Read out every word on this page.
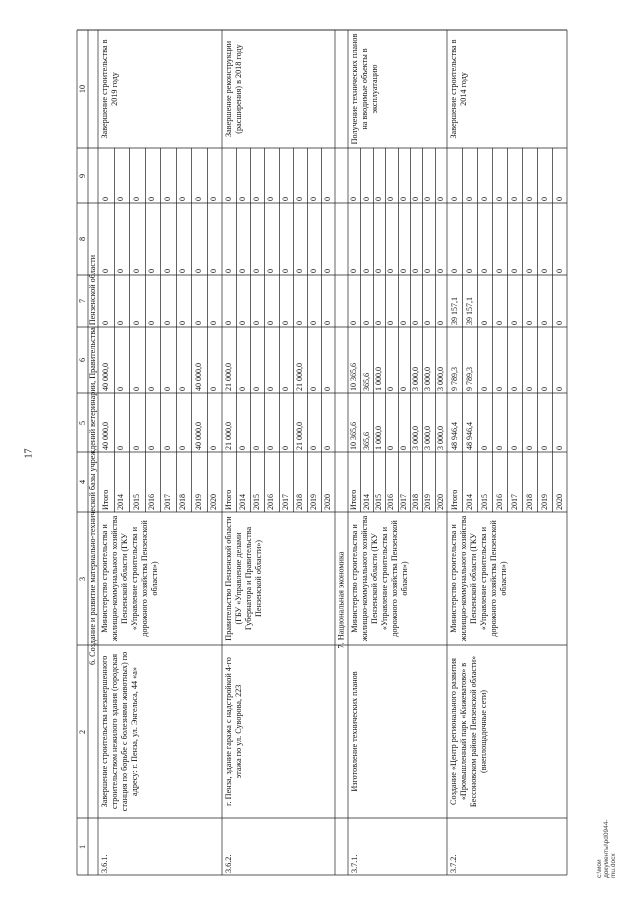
17
c:\мои документы\pd0944-mu.docx
1
2
3
4
5
6
7
8
9
10
6. Создание и развитие материально-технической базы учреждений ветеринарии, Правительства Пензенской области	7. Национальная экономика
3.6.1.
Завершение строительства незавершенного строительством нежилого здания (городская станция по борьбе с болезнями животных) по адресу: г. Пенза, ул. Энгельса, 44 «а»
Министерство строительства и жилищно-коммунального хозяйства Пензенской области (ГКУ «Управление строительства и дорожного хозяйства Пензенской области»)
Завершение строительства в 2019 году
Итого
40 000,0
40 000,0
0
0
0
2014
0
0
0
0
0
2015
0
0
0
0
0
2016
0
0
0
0
0
2017
0
0
0
0
0
2018
0
0
0
0
0
2019
40 000,0
40 000,0
0
0
0
2020
0
0
0
0
0
3.6.2.
г. Пенза, здание гаража с надстройкой 4-го этажа по ул. Суворова, 223
Правительство Пензенской области (ГБУ «Управление делами Губернатора и Правительства Пензенской области»)
Завершение реконструкции (расширения) в 2018 году
Итого
21 000,0
21 000,0
0
0
0
2014
0
0
0
0
0
2015
0
0
0
0
0
2016
0
0
0
0
0
2017
0
0
0
0
0
2018
21 000,0
21 000,0
0
0
0
2019
0
0
0
0
0
2020
0
0
0
0
0
3.7.1.
Изготовление технических планов
Министерство строительства и жилищно-коммунального хозяйства Пензенской области (ГКУ «Управление строительства и дорожного хозяйства Пензенской области»)
Получение технических планов на вводимые объекты в эксплуатацию
Итого
10 365,6
10 365,6
0
0
0
2014
365,6
365,6
0
0
0
2015
1 000,0
1 000,0
0
0
0
2016
0
0
0
0
0
2017
0
0
0
0
0
2018
3 000,0
3 000,0
0
0
0
2019
3 000,0
3 000,0
0
0
0
2020
3 000,0
3 000,0
0
0
0
3.7.2.
Создание «Центр регионального развития «Промышленный парк «Кижеватово» в Бессоновском районе Пензенской области» (внеплощадочные сети)
Министерство строительства и жилищно-коммунального хозяйства Пензенской области (ГКУ «Управление строительства и дорожного хозяйства Пензенской области»)
Завершение строительства в 2014 году
Итого
48 946,4
9 789,3
39 157,1
0
0
2014
48 946,4
9 789,3
39 157,1
0
0
2015
0
0
0
0
0
2016
0
0
0
0
0
2017
0
0
0
0
0
2018
0
0
0
0
0
2019
0
0
0
0
0
2020
0
0
0
0
0
